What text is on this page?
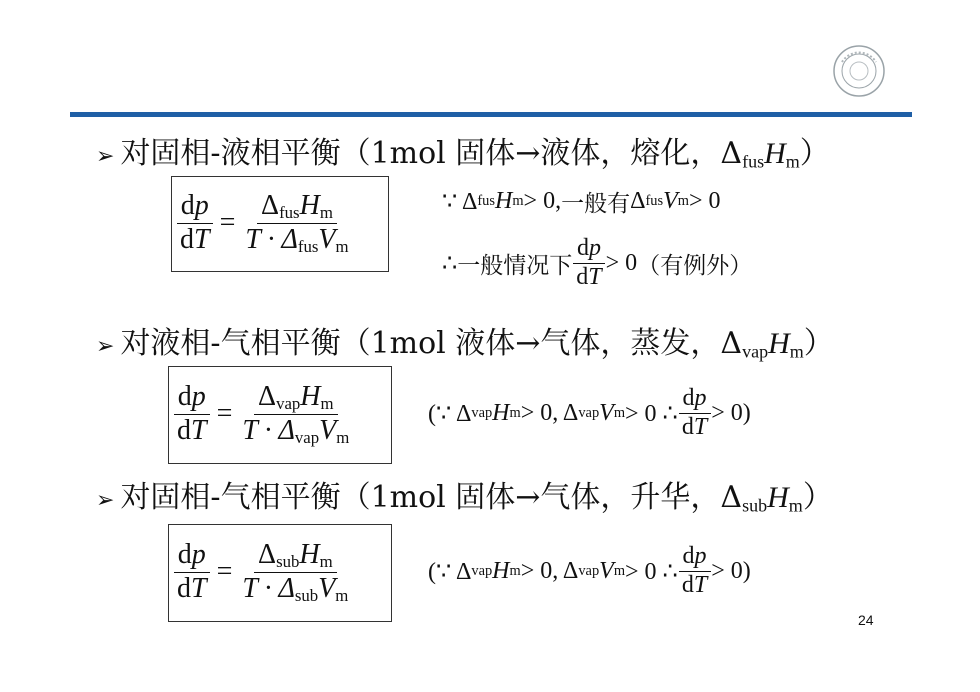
➢ 对固相-液相平衡（1mol 固体→液体，熔化，$\Delta_{fus}H_m$）
$\frac{dp}{dT} = \frac{\Delta_{fus}H_m}{T \cdot \Delta_{fus}V_m}$	∵ Δ fus H m > 0, 一般有 Δ fus V m > 0
∴ 一般情况下 $\frac{dp}{dT} > 0$ （有例外）
➢ 对液相-气相平衡（1mol 液体→气体，蒸发，$\Delta_{vap}H_m$）
$\frac{dp}{dT} = \frac{\Delta_{vap}H_m}{T \cdot \Delta_{vap}V_m}$	(∵ Δ vap H m > 0, Δ vap V m > 0 ∴ $\frac{dp}{dT} > 0$)
➢ 对固相-气相平衡（1mol 固体→气体，升华，$\Delta_{sub}H_m$）
$\frac{dp}{dT} = \frac{\Delta_{sub}H_m}{T \cdot \Delta_{sub}V_m}$	(∵ Δ vap H m > 0, Δ vap V m > 0 ∴ $\frac{dp}{dT} > 0$)
24
